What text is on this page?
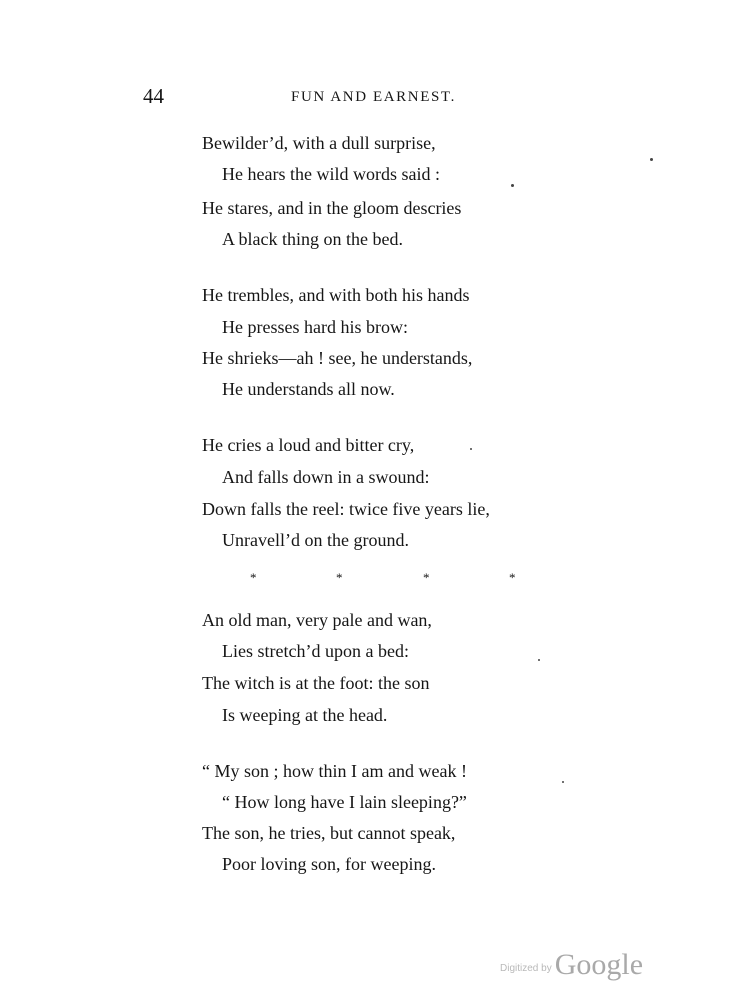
44	FUN AND EARNEST.
Bewilder’d, with a dull surprise,
He hears the wild words said :
He stares, and in the gloom descries
A black thing on the bed.
He trembles, and with both his hands
He presses hard his brow:
He shrieks—ah ! see, he understands,
He understands all now.
He cries a loud and bitter cry,
And falls down in a swound:
Down falls the reel: twice five years lie,
Unravell’d on the ground.
*	*	*	*
An old man, very pale and wan,
Lies stretch’d upon a bed:
The witch is at the foot: the son
Is weeping at the head.
“ My son ; how thin I am and weak !
“ How long have I lain sleeping?”
The son, he tries, but cannot speak,
Poor loving son, for weeping.
Digitized by Google
